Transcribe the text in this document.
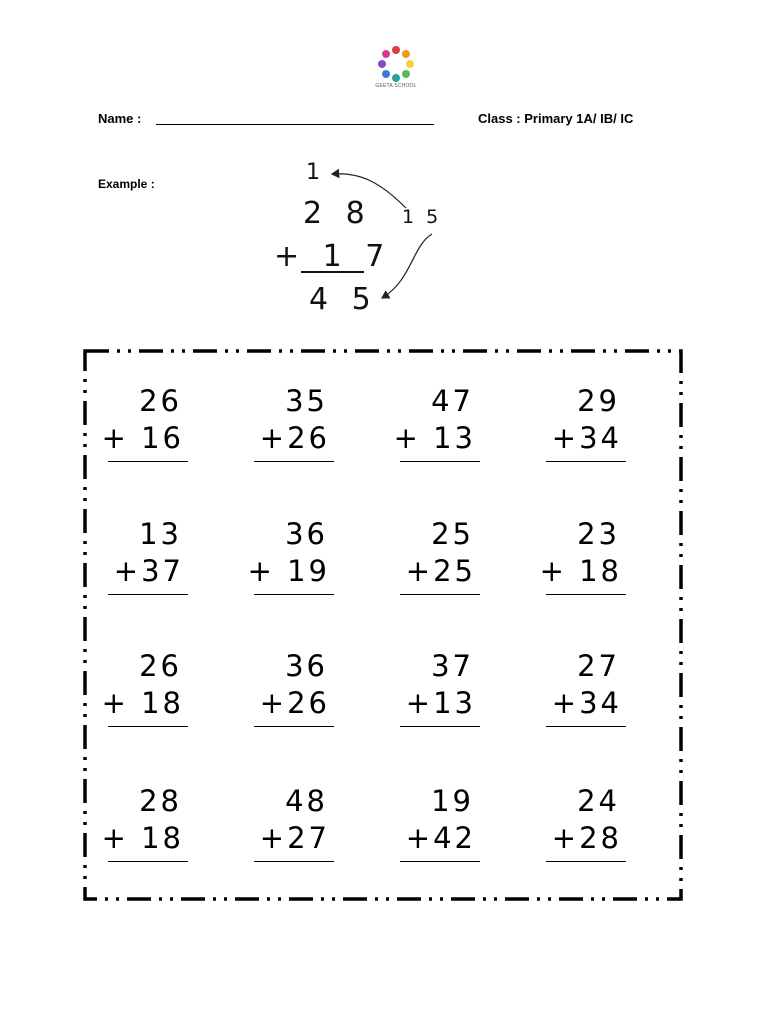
GEETA SCHOOL
Name :	Class : Primary 1A/ IB/ IC
Example :	1
2 8
+ 1 7
4 5
1 5
26
+ 16
35
+26
47
+ 13
29
+34
13
+37
36
+ 19
25
+25
23
+ 18
26
+ 18
36
+26
37
+13
27
+34
28
+ 18
48
+27
19
+42
24
+28
